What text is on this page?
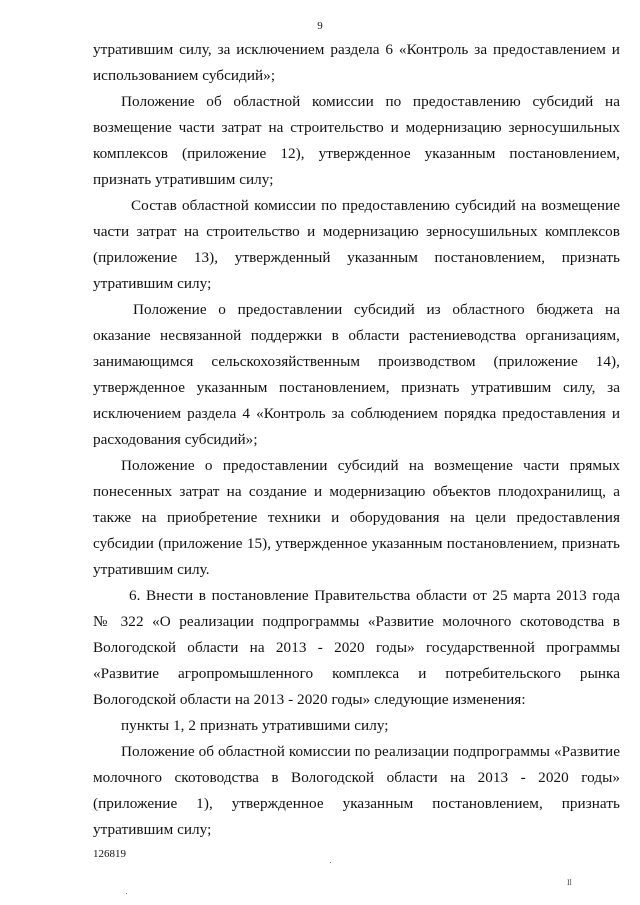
9

утратившим силу, за исключением раздела 6 «Контроль за предоставлением и использованием субсидий»;

Положение об областной комиссии по предоставлению субсидий на возмещение части затрат на строительство и модернизацию зерносушильных комплексов (приложение 12), утвержденное указанным постановлением, признать утратившим силу;

Состав областной комиссии по предоставлению субсидий на возмещение части затрат на строительство и модернизацию зерносушильных комплексов (приложение 13), утвержденный указанным постановлением, признать утратившим силу;

Положение о предоставлении субсидий из областного бюджета на оказание несвязанной поддержки в области растениеводства организациям, занимающимся сельскохозяйственным производством (приложение 14), утвержденное указанным постановлением, признать утратившим силу, за исключением раздела 4 «Контроль за соблюдением порядка предоставления и расходования субсидий»;

Положение о предоставлении субсидий на возмещение части прямых понесенных затрат на создание и модернизацию объектов плодохранилищ, а также на приобретение техники и оборудования на цели предоставления субсидии (приложение 15), утвержденное указанным постановлением, признать утратившим силу.

6. Внести в постановление Правительства области от 25 марта 2013 года № 322 «О реализации подпрограммы «Развитие молочного скотоводства в Вологодской области на 2013 - 2020 годы» государственной программы «Развитие агропромышленного комплекса и потребительского рынка Вологодской области на 2013 - 2020 годы» следующие изменения:

пункты 1, 2 признать утратившими силу;

Положение об областной комиссии по реализации подпрограммы «Развитие молочного скотоводства в Вологодской области на 2013 - 2020 годы» (приложение 1), утвержденное указанным постановлением, признать утратившим силу;

126819
Il
